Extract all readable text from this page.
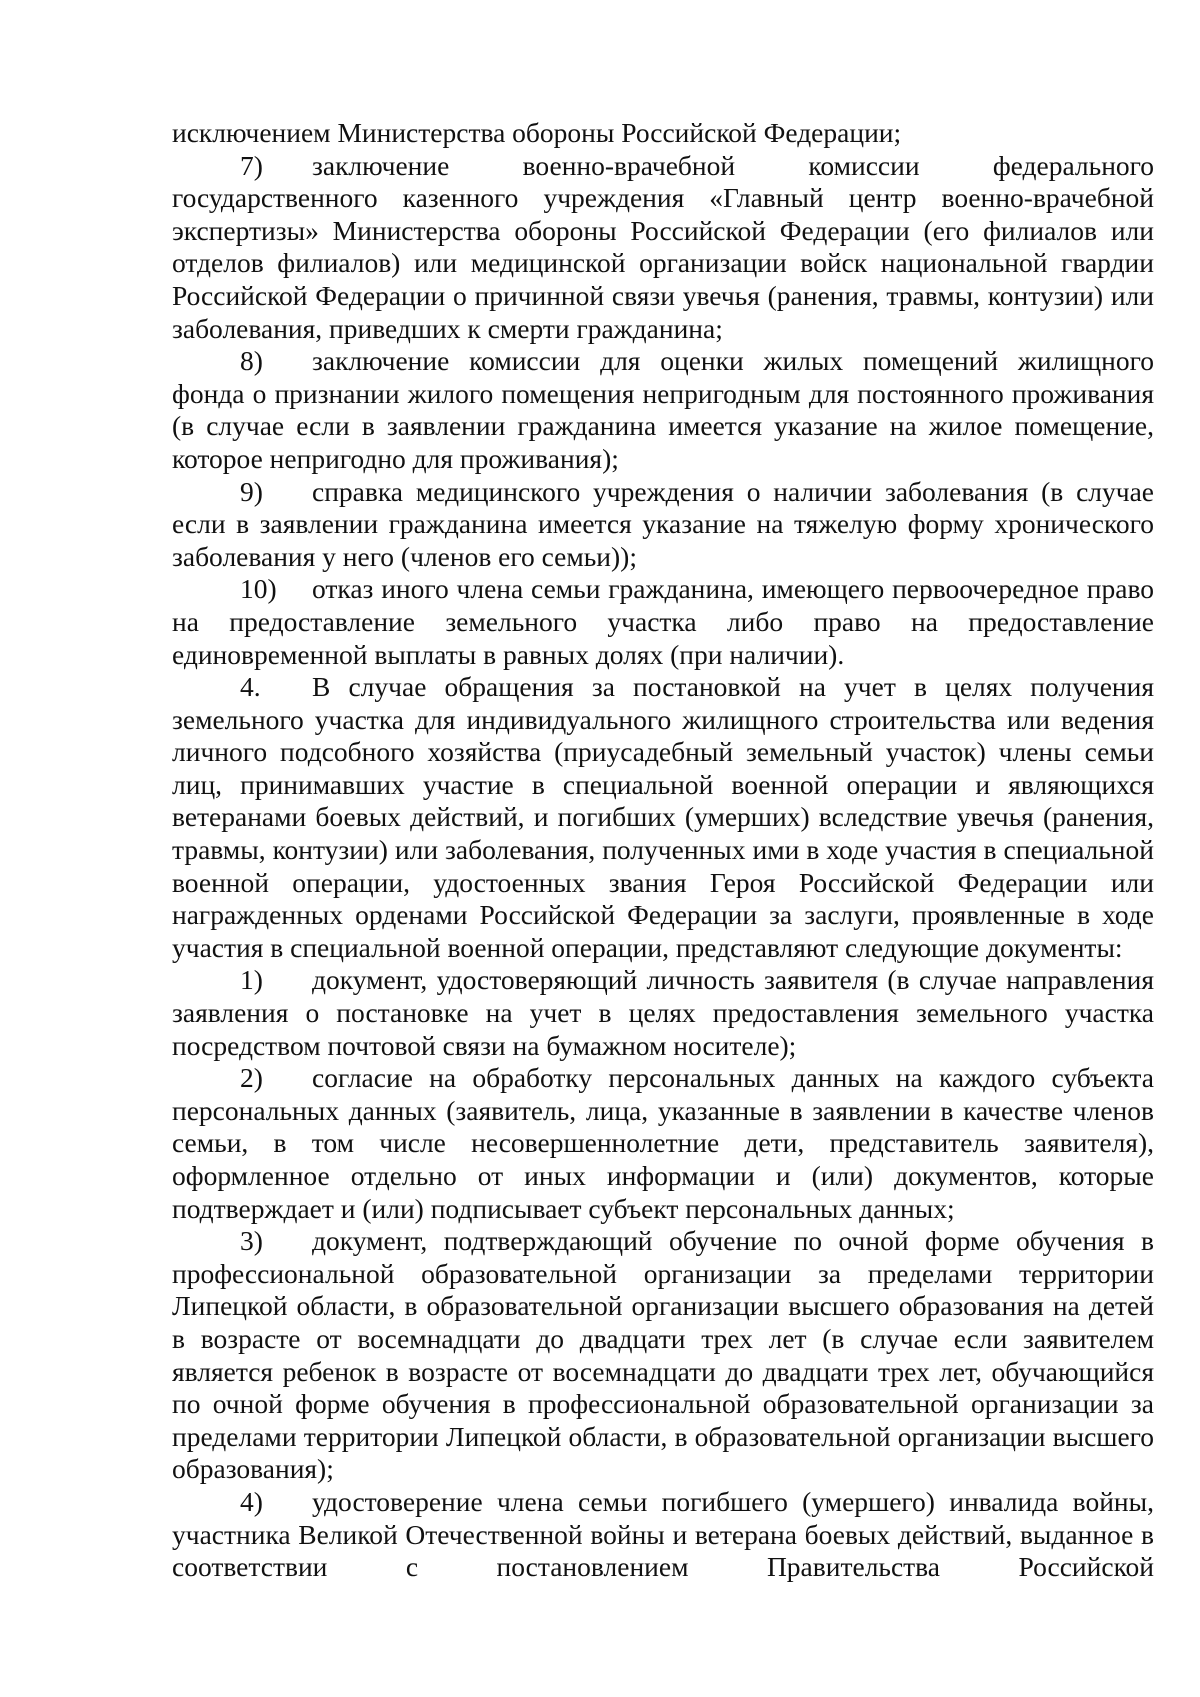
исключением Министерства обороны Российской Федерации;

7) заключение военно-врачебной комиссии федерального государственного казенного учреждения «Главный центр военно-врачебной экспертизы» Министерства обороны Российской Федерации (его филиалов или отделов филиалов) или медицинской организации войск национальной гвардии Российской Федерации о причинной связи увечья (ранения, травмы, контузии) или заболевания, приведших к смерти гражданина;

8) заключение комиссии для оценки жилых помещений жилищного фонда о признании жилого помещения непригодным для постоянного проживания (в случае если в заявлении гражданина имеется указание на жилое помещение, которое непригодно для проживания);

9) справка медицинского учреждения о наличии заболевания (в случае если в заявлении гражданина имеется указание на тяжелую форму хронического заболевания у него (членов его семьи));

10) отказ иного члена семьи гражданина, имеющего первоочередное право на предоставление земельного участка либо право на предоставление единовременной выплаты в равных долях (при наличии).

4. В случае обращения за постановкой на учет в целях получения земельного участка для индивидуального жилищного строительства или ведения личного подсобного хозяйства (приусадебный земельный участок) члены семьи лиц, принимавших участие в специальной военной операции и являющихся ветеранами боевых действий, и погибших (умерших) вследствие увечья (ранения, травмы, контузии) или заболевания, полученных ими в ходе участия в специальной военной операции, удостоенных звания Героя Российской Федерации или награжденных орденами Российской Федерации за заслуги, проявленные в ходе участия в специальной военной операции, представляют следующие документы:

1) документ, удостоверяющий личность заявителя (в случае направления заявления о постановке на учет в целях предоставления земельного участка посредством почтовой связи на бумажном носителе);

2) согласие на обработку персональных данных на каждого субъекта персональных данных (заявитель, лица, указанные в заявлении в качестве членов семьи, в том числе несовершеннолетние дети, представитель заявителя), оформленное отдельно от иных информации и (или) документов, которые подтверждает и (или) подписывает субъект персональных данных;

3) документ, подтверждающий обучение по очной форме обучения в профессиональной образовательной организации за пределами территории Липецкой области, в образовательной организации высшего образования на детей в возрасте от восемнадцати до двадцати трех лет (в случае если заявителем является ребенок в возрасте от восемнадцати до двадцати трех лет, обучающийся по очной форме обучения в профессиональной образовательной организации за пределами территории Липецкой области, в образовательной организации высшего образования);

4) удостоверение члена семьи погибшего (умершего) инвалида войны, участника Великой Отечественной войны и ветерана боевых действий, выданное в соответствии с постановлением Правительства Российской
